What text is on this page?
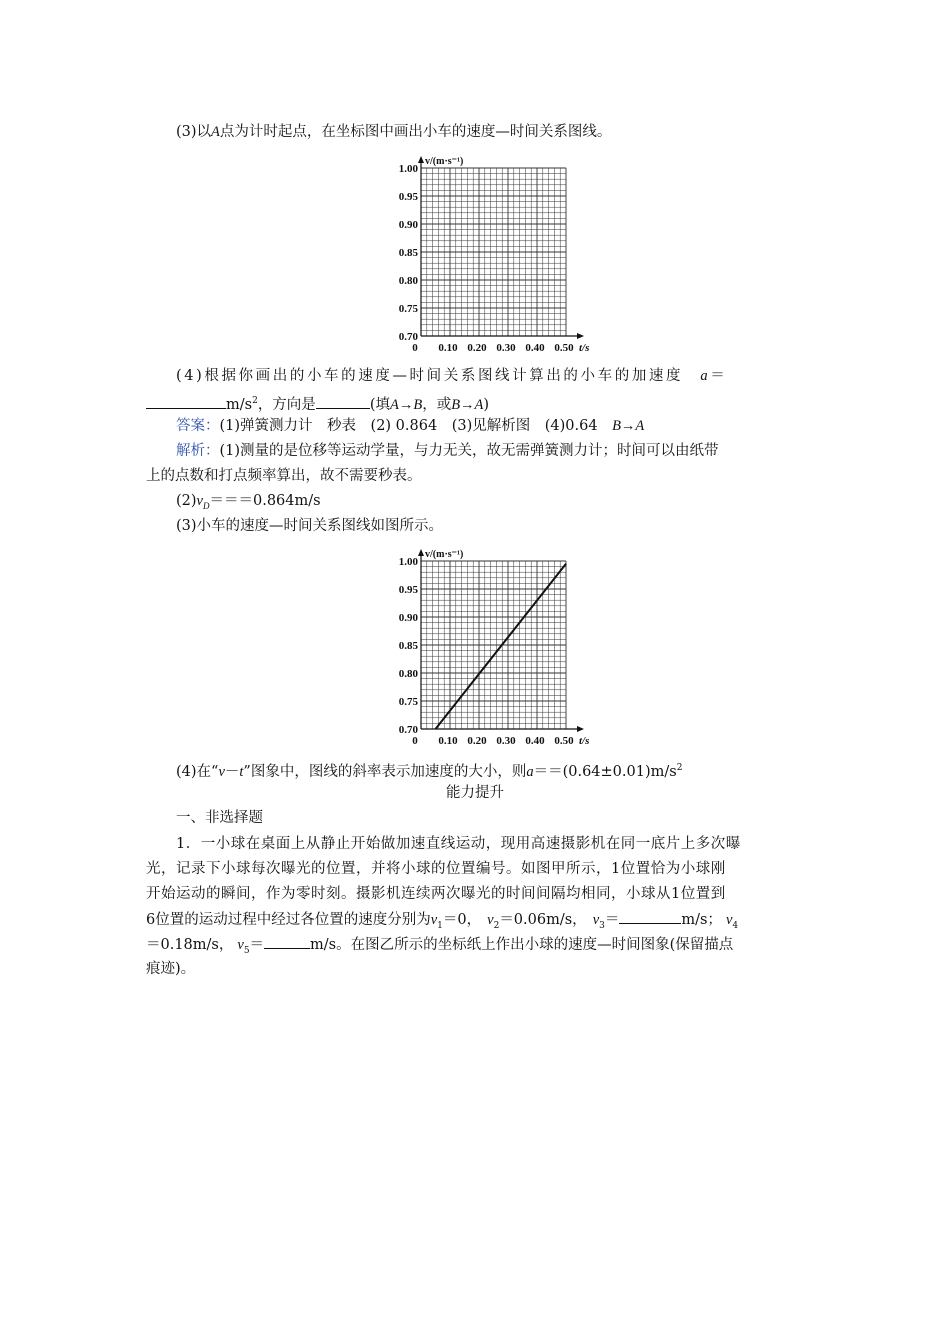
(3)以A点为计时起点，在坐标图中画出小车的速度—时间关系图线。
0.70
0.75
0.80
0.85
0.90
0.95
1.00
0 0.10 0.20 0.30 0.40 0.50
v/(m·s⁻¹)
t/s
(4)根据你画出的小车的速度—时间关系图线计算出的小车的加速度 a＝
$m/s^2$，方向是	(填A→B，或B→A)
答案：(1)弹簧测力计　秒表　(2) 0.864　(3)见解析图　(4)0.64　B→A
解析：(1)测量的是位移等运动学量，与力无关，故无需弹簧测力计；时间可以由纸带
上的点数和打点频率算出，故不需要秒表。
$(2)v_D===0.864m/s$
(3)小车的速度—时间关系图线如图所示。
0.70
0.75
0.80
0.85
0.90
0.95
1.00
0 0.10 0.20 0.30 0.40 0.50
v/(m·s⁻¹)
t/s
(4)在“v－t”图象中，图线的斜率表示加速度的大小，则$a==(0.64\pm 0.01)m/s^2$
能力提升
一、非选择题
1．一小球在桌面上从静止开始做加速直线运动，现用高速摄影机在同一底片上多次曝
光，记录下小球每次曝光的位置，并将小球的位置编号。如图甲所示，1位置恰为小球刚
开始运动的瞬间，作为零时刻。摄影机连续两次曝光的时间间隔均相同，小球从1位置到
6位置的运动过程中经过各位置的速度分别为$v_1=0$， $v_2=0.06m/s$， $v_3=$	m/s； $v_4$
＝0.18m/s， $v_5=$	m/s。在图乙所示的坐标纸上作出小球的速度—时间图象(保留描点
痕迹)。
